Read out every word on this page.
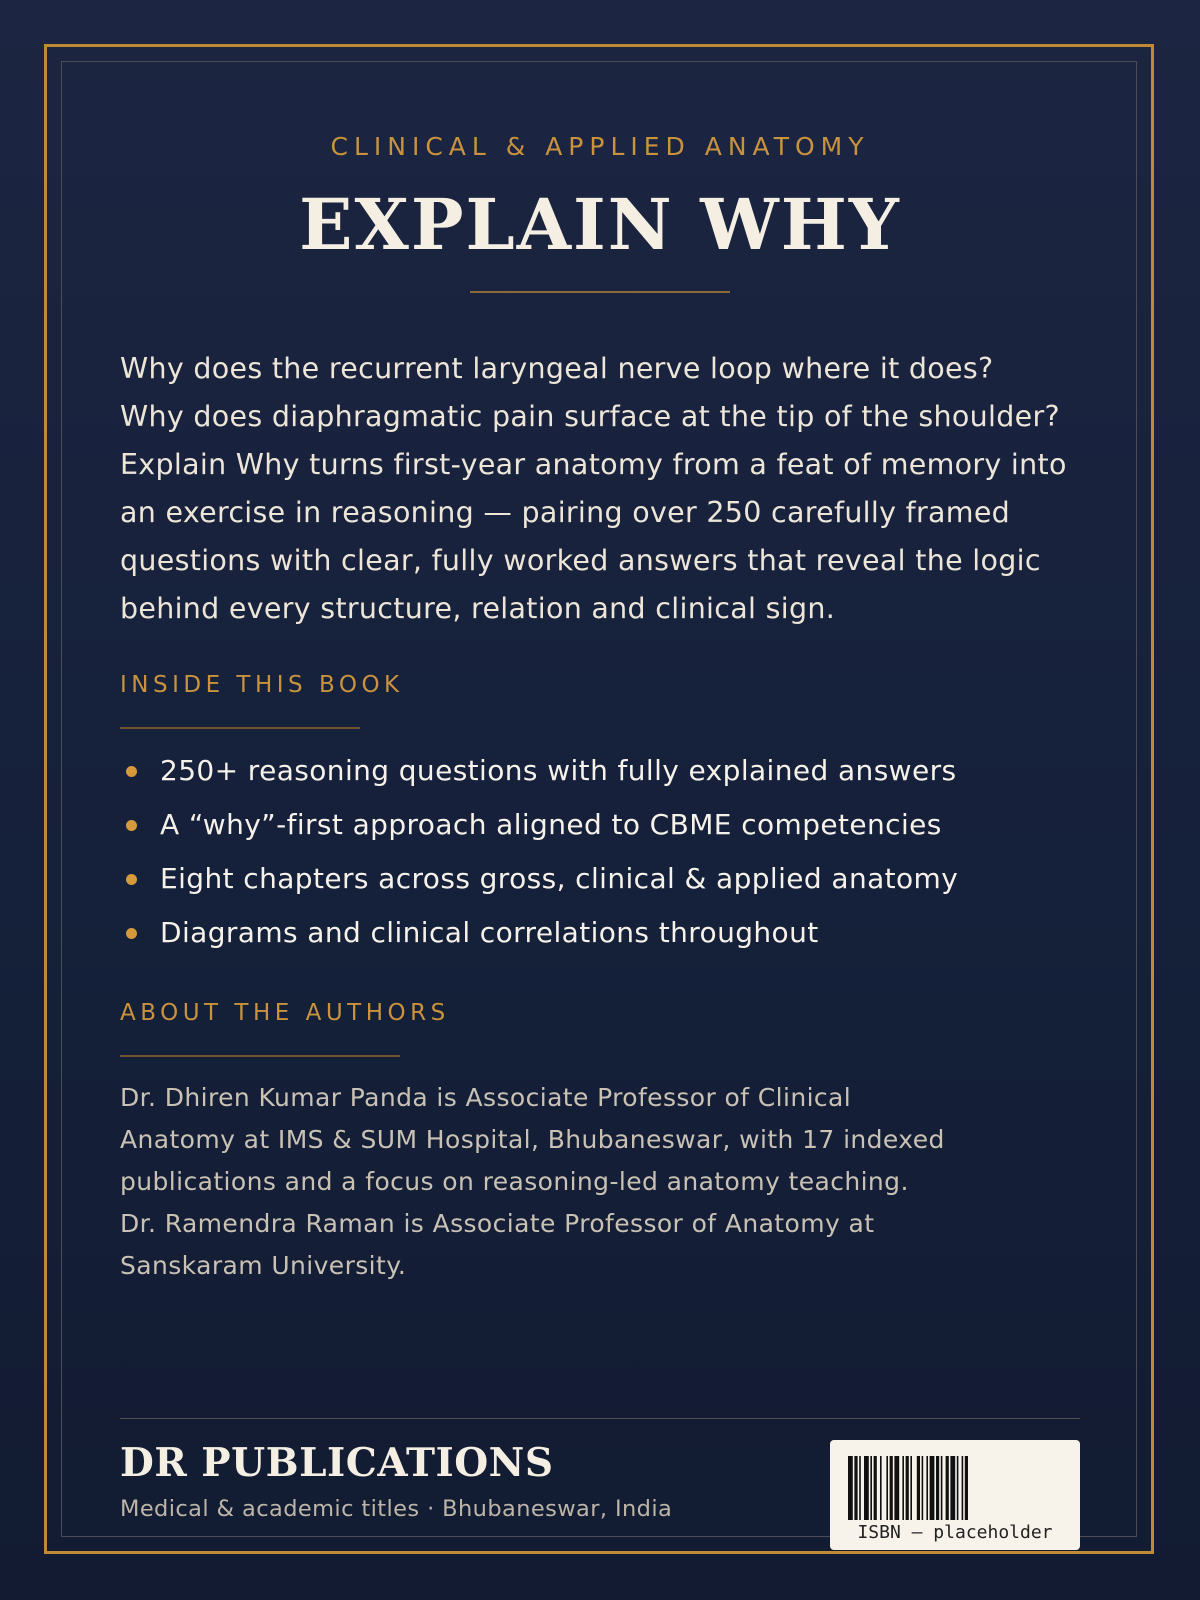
CLINICAL & APPLIED ANATOMY
EXPLAIN WHY

Why does the recurrent laryngeal nerve loop where it does?

Why does diaphragmatic pain surface at the tip of the shoulder?

Explain Why turns first-year anatomy from a feat of memory into

an exercise in reasoning — pairing over 250 carefully framed

questions with clear, fully worked answers that reveal the logic

behind every structure, relation and clinical sign.

INSIDE THIS BOOK
250+ reasoning questions with fully explained answers
A “why”-first approach aligned to CBME competencies
Eight chapters across gross, clinical & applied anatomy
Diagrams and clinical correlations throughout
ABOUT THE AUTHORS

Dr. Dhiren Kumar Panda is Associate Professor of Clinical

Anatomy at IMS & SUM Hospital, Bhubaneswar, with 17 indexed

publications and a focus on reasoning-led anatomy teaching.

Dr. Ramendra Raman is Associate Professor of Anatomy at

Sanskaram University.

DR PUBLICATIONS
Medical & academic titles · Bhubaneswar, India
ISBN — placeholder
